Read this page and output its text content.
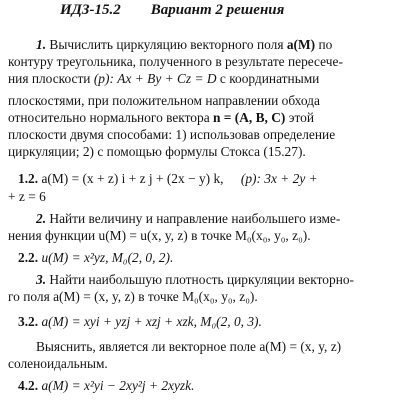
ИДЗ-15.2 Вариант 2 решения
1. Вычислить циркуляцию векторного поля a(M) по
контуру треугольника, полученного в результате пересече-
ния плоскости (p): Ax + By + Cz = D с координатными
плоскостями, при положительном направлении обхода
относительно нормального вектора n = (A, B, C) этой
плоскости двумя способами: 1) использовав определение
циркуляции; 2) с помощью формулы Стокса (15.27).
1.2. a(M) = (x + z) i + z j + (2x − y) k, (p): 3x + 2y +
+ z = 6
2. Найти величину и направление наибольшего изме-
нения функции u(M) = u(x, y, z) в точке M₀(x₀, y₀, z₀).
2.2. u(M) = x²yz, M₀(2, 0, 2).
3. Найти наибольшую плотность циркуляции векторно-
го поля a(M) = (x, y, z) в точке M₀(x₀, y₀, z₀).
3.2. a(M) = xyi + yzj + xzj + xzk, M₀(2, 0, 3).
Выяснить, является ли векторное поле a(M) = (x, y, z)
соленоидальным.
4.2. a(M) = x²yi − 2xy²j + 2xyzk.
